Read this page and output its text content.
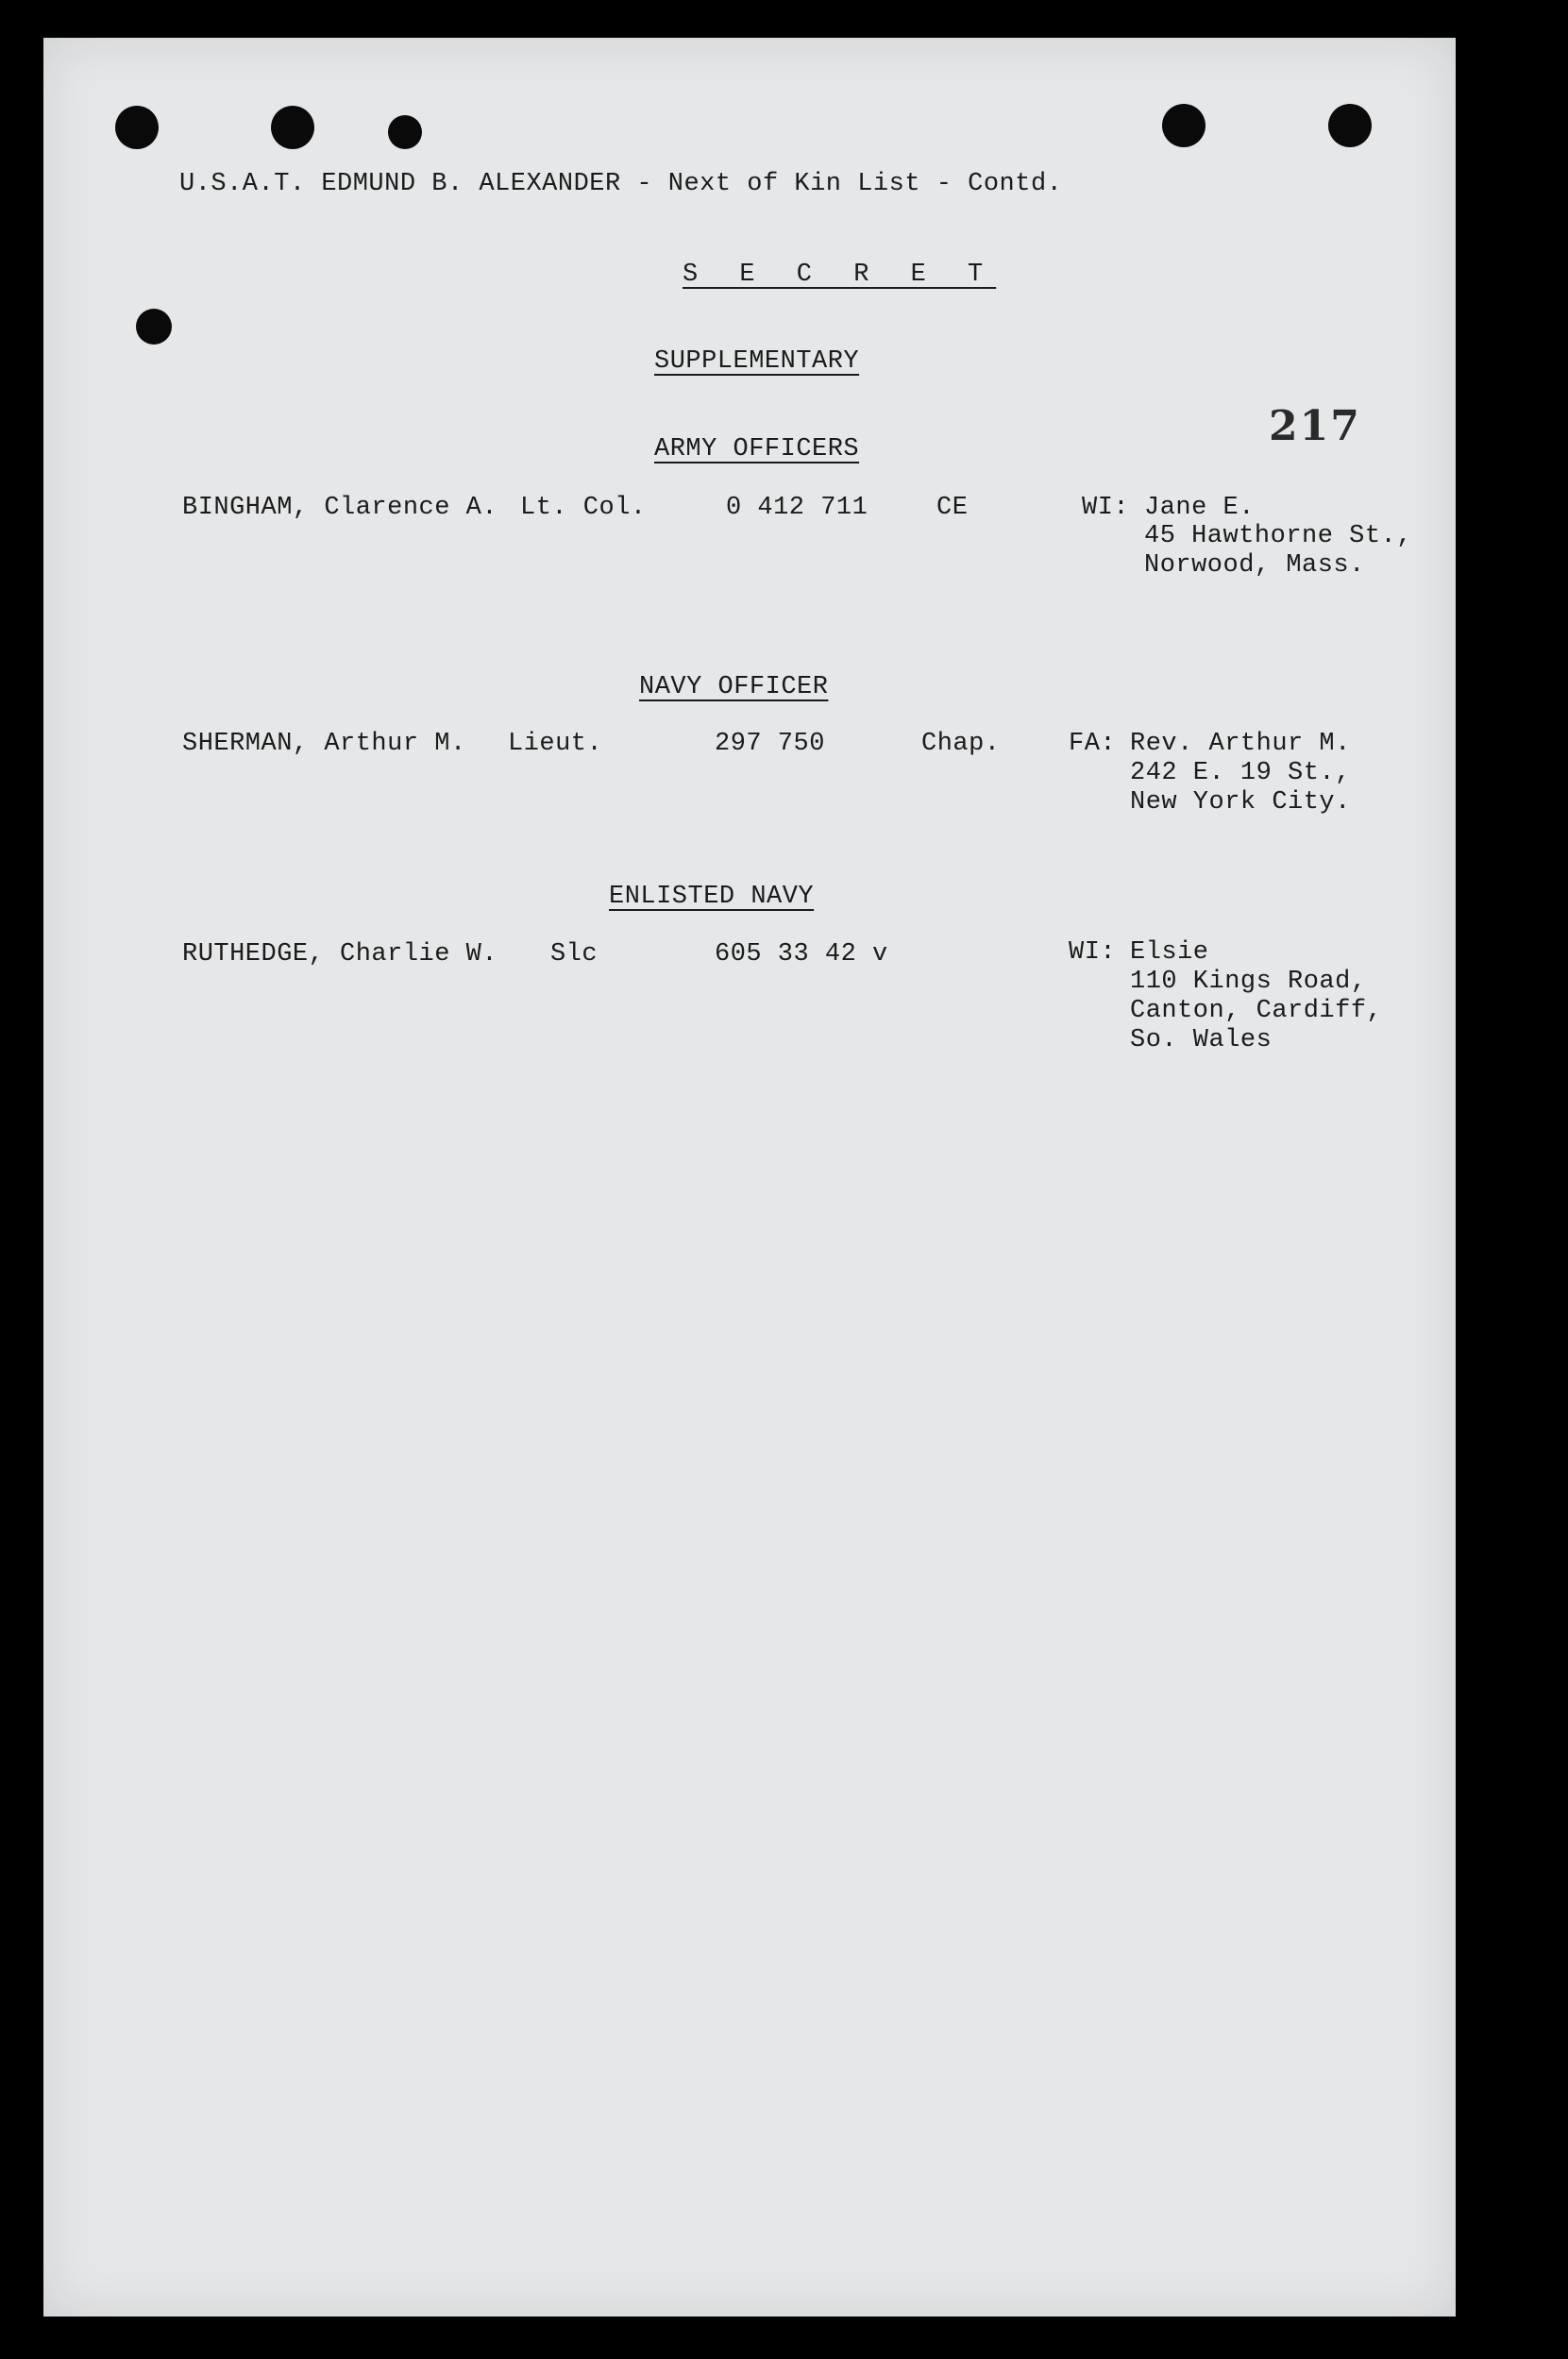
U.S.A.T. EDMUND B. ALEXANDER - Next of Kin List - Contd.
S E C R E T
SUPPLEMENTARY
217
ARMY OFFICERS
BINGHAM, Clarence A. Lt. Col.	0 412 711	CE	WI: Jane E.
45 Hawthorne St.,
Norwood, Mass.
NAVY OFFICER
SHERMAN, Arthur M. Lieut.	297 750	Chap.	FA: Rev. Arthur M.
242 E. 19 St.,
New York City.
ENLISTED NAVY
RUTHEDGE, Charlie W. Slc	605 33 42 v	WI: Elsie
110 Kings Road,
Canton, Cardiff,
So. Wales
